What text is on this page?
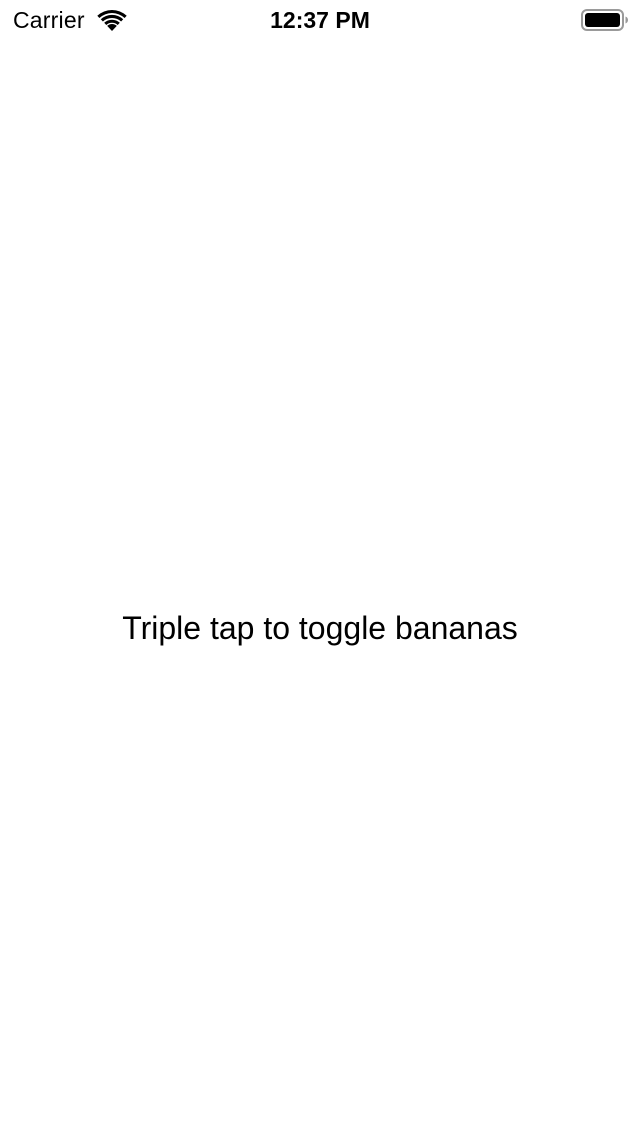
Carrier	12:37 PM
Triple tap to toggle bananas
